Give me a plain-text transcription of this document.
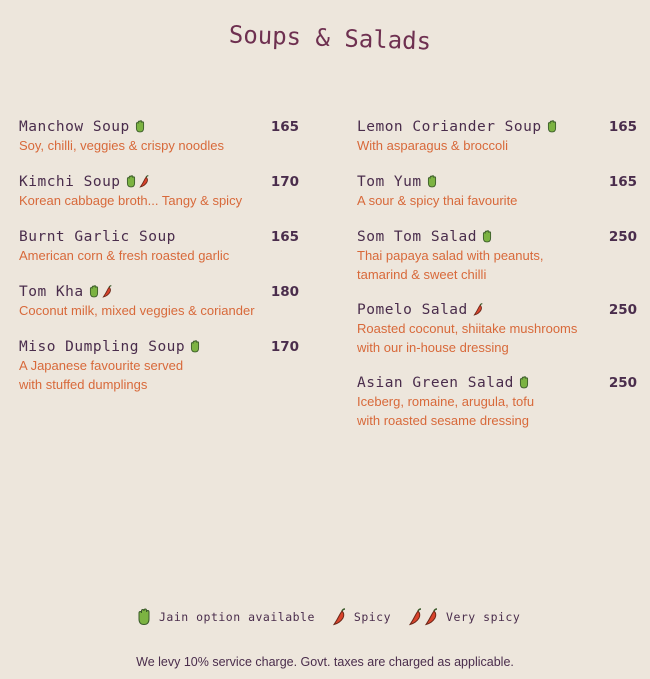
Soups & Salads
Manchow Soup	165
Soy, chilli, veggies & crispy noodles
Kimchi Soup	170
Korean cabbage broth... Tangy & spicy
Burnt Garlic Soup	165
American corn & fresh roasted garlic
Tom Kha	180
Coconut milk, mixed veggies & coriander
Miso Dumpling Soup	170
A Japanese favourite served
with stuffed dumplings
Lemon Coriander Soup	165
With asparagus & broccoli
Tom Yum	165
A sour & spicy thai favourite
Som Tom Salad	250
Thai papaya salad with peanuts,
tamarind & sweet chilli
Pomelo Salad	250
Roasted coconut, shiitake mushrooms
with our in-house dressing
Asian Green Salad	250
Iceberg, romaine, arugula, tofu
with roasted sesame dressing
Jain option available	Spicy	Very spicy
We levy 10% service charge. Govt. taxes are charged as applicable.
